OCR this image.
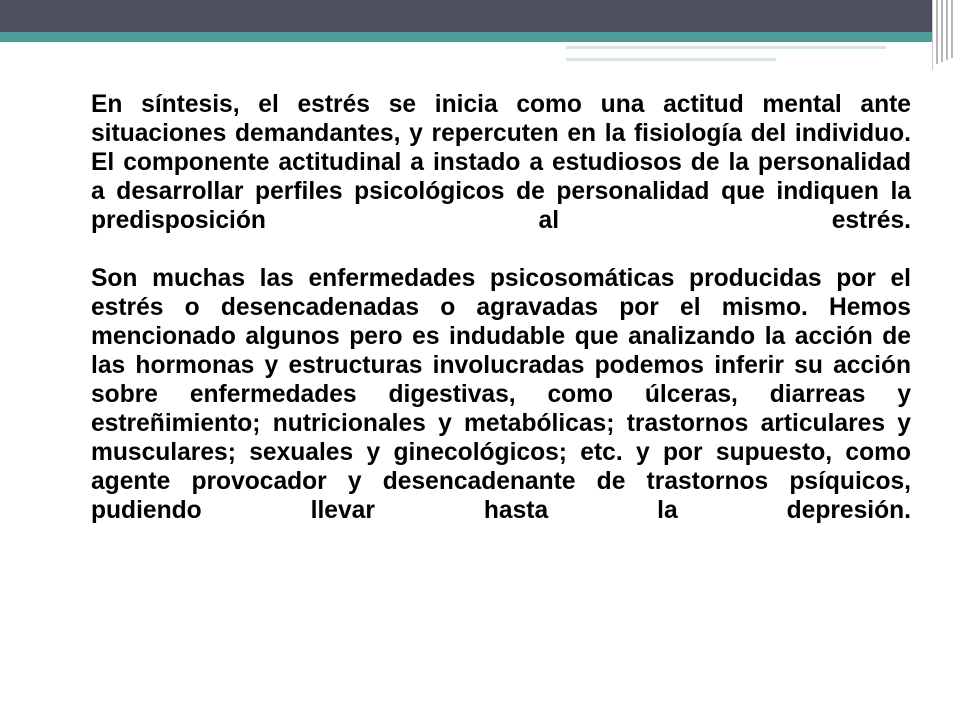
En síntesis, el estrés se inicia como una actitud mental ante situaciones demandantes, y repercuten en la fisiología del individuo. El componente actitudinal a instado a estudiosos de la personalidad a desarrollar perfiles psicológicos de personalidad que indiquen la predisposición al estrés.

Son muchas las enfermedades psicosomáticas producidas por el estrés o desencadenadas o agravadas por el mismo. Hemos mencionado algunos pero es indudable que analizando la acción de las hormonas y estructuras involucradas podemos inferir su acción sobre enfermedades digestivas, como úlceras, diarreas y estreñimiento; nutricionales y metabólicas; trastornos articulares y musculares; sexuales y ginecológicos; etc. y por supuesto, como agente provocador y desencadenante de trastornos psíquicos, pudiendo llevar hasta la depresión.
